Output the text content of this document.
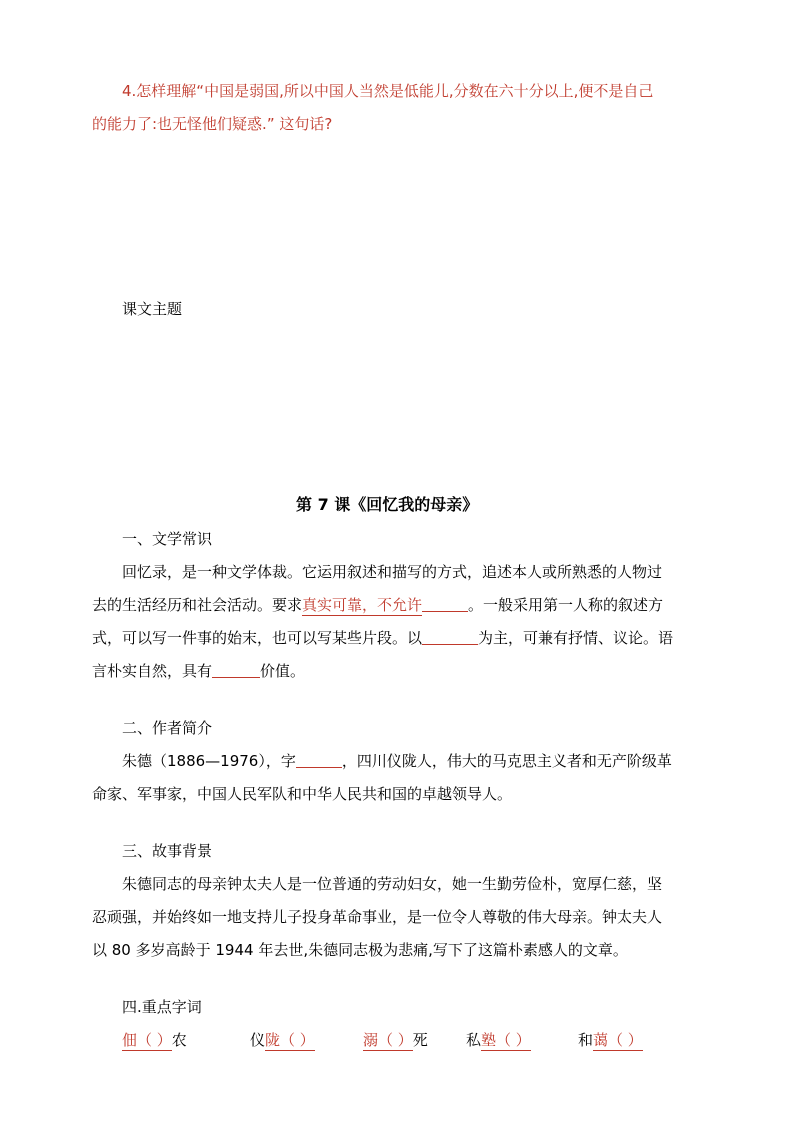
4.怎样理解“中国是弱国,所以中国人当然是低能儿,分数在六十分以上,便不是自己
的能力了:也无怪他们疑惑.” 这句话?
课文主题
第 7 课《回忆我的母亲》
一、文学常识
回忆录，是一种文学体裁。它运用叙述和描写的方式，追述本人或所熟悉的人物过
去的生活经历和社会活动。要求真实可靠，不允许	。一般采用第一人称的叙述方
式，可以写一件事的始末，也可以写某些片段。以	为主，可兼有抒情、议论。语
言朴实自然，具有	价值。
二、作者简介
朱德（1886—1976），字	，四川仪陇人，伟大的马克思主义者和无产阶级革
命家、军事家，中国人民军队和中华人民共和国的卓越领导人。
三、故事背景
朱德同志的母亲钟太夫人是一位普通的劳动妇女，她一生勤劳俭朴，宽厚仁慈，坚
忍顽强，并始终如一地支持儿子投身革命事业，是一位令人尊敬的伟大母亲。钟太夫人
以 80 多岁高龄于 1944 年去世,朱德同志极为悲痛,写下了这篇朴素感人的文章。
四.重点字词
佃（ ）农	仪陇（ ）	溺（ ）死	私塾（ ）	和蔼（ ）
